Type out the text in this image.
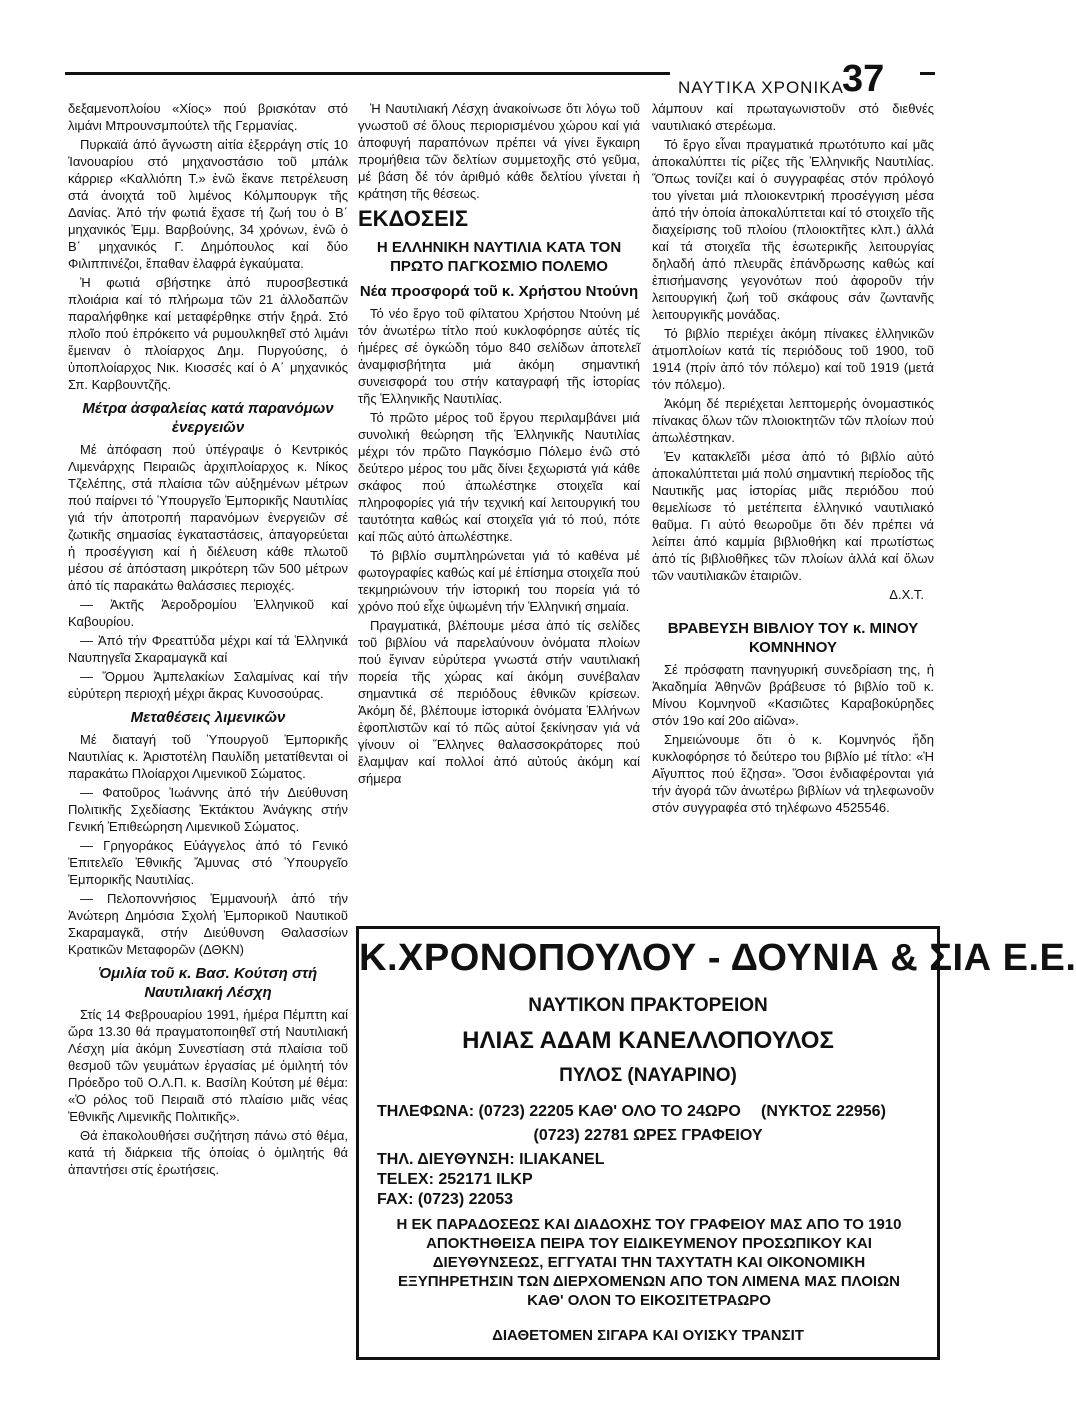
ΝΑΥΤΙΚΑ ΧΡΟΝΙΚΑ
37

δεξαμενοπλοίου «Χίος» πού βρισκόταν στό λιμάνι Μπρουνσμπούτελ τῆς Γερμανίας.

Πυρκαϊά άπό ἄγνωστη αἰτία ἐξερράγη στίς 10 Ἰανουαρίου στό μηχανοστάσιο τοῦ μπάλκ κάρριερ «Καλλιόπη Τ.» ἐνῶ ἔκανε πετρέλευση στά ἀνοιχτά τοῦ λιμένος Κόλμπουργκ τῆς Δανίας. Ἀπό τήν φωτιά ἔχασε τή ζωή του ὁ Β΄ μηχανικός Ἐμμ. Βαρβούνης, 34 χρόνων, ἐνῶ ὁ Β΄ μηχανικός Γ. Δημόπουλος καί δύο Φιλιππινέζοι, ἔπαθαν ἐλαφρά ἐγκαύματα.

Ἡ φωτιά σβήστηκε ἀπό πυροσβεστικά πλοιάρια καί τό πλήρωμα τῶν 21 ἀλλοδαπῶν παραλήφθηκε καί μεταφέρθηκε στήν ξηρά. Στό πλοῖο πού ἐπρόκειτο νά ρυμουλκηθεῖ στό λιμάνι ἔμειναν ὁ πλοίαρχος Δημ. Πυργούσης, ὁ ὑποπλοίαρχος Νικ. Κιοσσές καί ὁ Α΄ μηχανικός Σπ. Καρβουντζῆς.

Μέτρα ἀσφαλείας κατά παρανόμων ἐνεργειῶν

Μέ ἀπόφαση πού ὑπέγραψε ὁ Κεντρικός Λιμενάρχης Πειραιῶς ἀρχιπλοίαρχος κ. Νίκος Τζελέπης, στά πλαίσια τῶν αὐξημένων μέτρων πού παίρνει τό Ὑπουργεῖο Ἐμπορικῆς Ναυτιλίας γιά τήν ἀποτροπή παρανόμων ἐνεργειῶν σέ ζωτικῆς σημασίας ἐγκαταστάσεις, ἀπαγορεύεται ἡ προσέγγιση καί ἡ διέλευση κάθε πλωτοῦ μέσου σέ ἀπόσταση μικρότερη τῶν 500 μέτρων ἀπό τίς παρακάτω θαλάσσιες περιοχές.

— Ἀκτῆς Ἀεροδρομίου Ἑλληνικοῦ καί Καβουρίου.

— Ἀπό τήν Φρεαττύδα μέχρι καί τά Ἑλληνικά Ναυπηγεῖα Σκαραμαγκᾶ καί

— Ὅρμου Ἀμπελακίων Σαλαμίνας καί τήν εὐρύτερη περιοχή μέχρι ἄκρας Κυνοσούρας.

Μεταθέσεις λιμενικῶν

Μέ διαταγή τοῦ Ὑπουργοῦ Ἐμπορικῆς Ναυτιλίας κ. Ἀριστοτέλη Παυλίδη μετατίθενται οἱ παρακάτω Πλοίαρχοι Λιμενικοῦ Σώματος.

— Φατοῦρος Ἰωάννης ἀπό τήν Διεύθυνση Πολιτικῆς Σχεδίασης Ἐκτάκτου Ἀνάγκης στήν Γενική Ἐπιθεώρηση Λιμενικοῦ Σώματος.

— Γρηγοράκος Εὐάγγελος ἀπό τό Γενικό Ἐπιτελεῖο Ἐθνικῆς Ἄμυνας στό Ὑπουργεῖο Ἐμπορικῆς Ναυτιλίας.

— Πελοποννήσιος Ἐμμανουήλ ἀπό τήν Ἀνώτερη Δημόσια Σχολή Ἐμπορικοῦ Ναυτικοῦ Σκαραμαγκᾶ, στήν Διεύθυνση Θαλασσίων Κρατικῶν Μεταφορῶν (ΔΘΚΝ)

Ὁμιλία τοῦ κ. Βασ. Κούτση στή Ναυτιλιακή Λέσχη

Στίς 14 Φεβρουαρίου 1991, ἡμέρα Πέμπτη καί ὥρα 13.30 θά πραγματοποιηθεῖ στή Ναυτιλιακή Λέσχη μία ἀκόμη Συνεστίαση στά πλαίσια τοῦ θεσμοῦ τῶν γευμάτων ἐργασίας μέ ὁμιλητή τόν Πρόεδρο τοῦ Ο.Λ.Π. κ. Βασίλη Κούτση μέ θέμα: «Ὁ ρόλος τοῦ Πειραιᾶ στό πλαίσιο μιᾶς νέας Ἐθνικῆς Λιμενικῆς Πολιτικῆς».

Θά ἐπακολουθήσει συζήτηση πάνω στό θέμα, κατά τή διάρκεια τῆς ὁποίας ὁ ὁμιλητής θά ἀπαντήσει στίς ἐρωτήσεις.

Ἡ Ναυτιλιακή Λέσχη ἀνακοίνωσε ὅτι λόγω τοῦ γνωστοῦ σέ ὅλους περιορισμένου χώρου καί γιά ἀποφυγή παραπόνων πρέπει νά γίνει ἔγκαιρη προμήθεια τῶν δελτίων συμμετοχῆς στό γεῦμα, μέ βάση δέ τόν ἀριθμό κάθε δελτίου γίνεται ἡ κράτηση τῆς θέσεως.

ΕΚΔΟΣΕΙΣ
Η ΕΛΛΗΝΙΚΗ ΝΑΥΤΙΛΙΑ ΚΑΤΑ ΤΟΝ ΠΡΩΤΟ ΠΑΓΚΟΣΜΙΟ ΠΟΛΕΜΟ
Νέα προσφορά τοῦ κ. Χρήστου Ντούνη

Τό νέο ἔργο τοῦ φίλτατου Χρήστου Ντούνη μέ τόν ἀνωτέρω τίτλο πού κυκλοφόρησε αὐτές τίς ἡμέρες σέ ὀγκώδη τόμο 840 σελίδων ἀποτελεῖ ἀναμφισβήτητα μιά ἀκόμη σημαντική συνεισφορά του στήν καταγραφή τῆς ἱστορίας τῆς Ἑλληνικῆς Ναυτιλίας.

Τό πρῶτο μέρος τοῦ ἔργου περιλαμβάνει μιά συνολική θεώρηση τῆς Ἑλληνικῆς Ναυτιλίας μέχρι τόν πρῶτο Παγκόσμιο Πόλεμο ἐνῶ στό δεύτερο μέρος του μᾶς δίνει ξεχωριστά γιά κάθε σκάφος πού ἀπωλέστηκε στοιχεῖα καί πληροφορίες γιά τήν τεχνική καί λειτουργική του ταυτότητα καθώς καί στοιχεῖα γιά τό πού, πότε καί πῶς αὐτό ἀπωλέστηκε.

Τό βιβλίο συμπληρώνεται γιά τό καθένα μέ φωτογραφίες καθώς καί μέ ἐπίσημα στοιχεῖα πού τεκμηριώνουν τήν ἱστορική του πορεία γιά τό χρόνο πού εἶχε ὑψωμένη τήν Ἑλληνική σημαία.

Πραγματικά, βλέπουμε μέσα ἀπό τίς σελίδες τοῦ βιβλίου νά παρελαύνουν ὀνόματα πλοίων πού ἔγιναν εὐρύτερα γνωστά στήν ναυτιλιακή πορεία τῆς χώρας καί ἀκόμη συνέβαλαν σημαντικά σέ περιόδους ἐθνικῶν κρίσεων. Ἀκόμη δέ, βλέπουμε ἱστορικά ὀνόματα Ἑλλήνων ἐφοπλιστῶν καί τό πῶς αὐτοί ξεκίνησαν γιά νά γίνουν οἱ Ἕλληνες θαλασσοκράτορες πού ἔλαμψαν καί πολλοί ἀπό αὐτούς ἀκόμη καί σήμερα

λάμπουν καί πρωταγωνιστοῦν στό διεθνές ναυτιλιακό στερέωμα.

Τό ἔργο εἶναι πραγματικά πρωτότυπο καί μᾶς ἀποκαλύπτει τίς ρίζες τῆς Ἑλληνικῆς Ναυτιλίας. Ὅπως τονίζει καί ὁ συγγραφέας στόν πρόλογό του γίνεται μιά πλοιοκεντρική προσέγγιση μέσα ἀπό τήν ὁποία ἀποκαλύπτεται καί τό στοιχεῖο τῆς διαχείρισης τοῦ πλοίου (πλοιοκτῆτες κλπ.) ἀλλά καί τά στοιχεῖα τῆς ἐσωτερικῆς λειτουργίας δηλαδή ἀπό πλευρᾶς ἐπάνδρωσης καθώς καί ἐπισήμανσης γεγονότων πού ἀφοροῦν τήν λειτουργική ζωή τοῦ σκάφους σάν ζωντανῆς λειτουργικῆς μονάδας.

Τό βιβλίο περιέχει ἀκόμη πίνακες ἑλληνικῶν ἀτμοπλοίων κατά τίς περιόδους τοῦ 1900, τοῦ 1914 (πρίν ἀπό τόν πόλεμο) καί τοῦ 1919 (μετά τόν πόλεμο).

Ἀκόμη δέ περιέχεται λεπτομερής ὀνομαστικός πίνακας ὅλων τῶν πλοιοκτητῶν τῶν πλοίων πού ἀπωλέστηκαν.

Ἐν κατακλεῖδι μέσα ἀπό τό βιβλίο αὐτό ἀποκαλύπτεται μιά πολύ σημαντική περίοδος τῆς Ναυτικῆς μας ἱστορίας μιᾶς περιόδου πού θεμελίωσε τό μετέπειτα ἑλληνικό ναυτιλιακό θαῦμα. Γι αὐτό θεωροῦμε ὅτι δέν πρέπει νά λείπει ἀπό καμμία βιβλιοθήκη καί πρωτίστως ἀπό τίς βιβλιοθῆκες τῶν πλοίων ἀλλά καί ὅλων τῶν ναυτιλιακῶν ἑταιριῶν.

Δ.Χ.Τ.

ΒΡΑΒΕΥΣΗ ΒΙΒΛΙΟΥ ΤΟΥ κ. ΜΙΝΟΥ ΚΟΜΝΗΝΟΥ

Σέ πρόσφατη πανηγυρική συνεδρίαση της, ἡ Ἀκαδημία Ἀθηνῶν βράβευσε τό βιβλίο τοῦ κ. Μίνου Κομνηνοῦ «Κασιῶτες Καραβοκύρηδες στόν 19ο καί 20ο αἰῶνα».

Σημειώνουμε ὅτι ὁ κ. Κομνηνός ἤδη κυκλοφόρησε τό δεύτερο του βιβλίο μέ τίτλο: «Ἡ Αἴγυπτος πού ἔζησα». Ὅσοι ἐνδιαφέρονται γιά τήν ἀγορά τῶν ἀνωτέρω βιβλίων νά τηλεφωνοῦν στόν συγγραφέα στό τηλέφωνο 4525546.

Κ.ΧΡΟΝΟΠΟΥΛΟΥ - ΔΟΥΝΙΑ & ΣΙΑ Ε.Ε.
ΝΑΥΤΙΚΟΝ ΠΡΑΚΤΟΡΕΙΟΝ
ΗΛΙΑΣ ΑΔΑΜ ΚΑΝΕΛΛΟΠΟΥΛΟΣ
ΠΥΛΟΣ (ΝΑΥΑΡΙΝΟ)
ΤΗΛΕΦΩΝΑ: (0723) 22205 ΚΑΘ' ΟΛΟ ΤΟ 24ΩΡΟ (ΝΥΚΤΟΣ 22956)
(0723) 22781 ΩΡΕΣ ΓΡΑΦΕΙΟΥ
ΤΗΛ. ΔΙΕΥΘΥΝΣΗ: ILIAKANEL
TELEX: 252171 ILKP
FAX: (0723) 22053
Η ΕΚ ΠΑΡΑΔΟΣΕΩΣ ΚΑΙ ΔΙΑΔΟΧΗΣ ΤΟΥ ΓΡΑΦΕΙΟΥ ΜΑΣ ΑΠΟ ΤΟ 1910 ΑΠΟΚΤΗΘΕΙΣΑ ΠΕΙΡΑ ΤΟΥ ΕΙΔΙΚΕΥΜΕΝΟΥ ΠΡΟΣΩΠΙΚΟΥ ΚΑΙ ΔΙΕΥΘΥΝΣΕΩΣ, ΕΓΓΥΑΤΑΙ ΤΗΝ ΤΑΧΥΤΑΤΗ ΚΑΙ ΟΙΚΟΝΟΜΙΚΗ ΕΞΥΠΗΡΕΤΗΣΙΝ ΤΩΝ ΔΙΕΡΧΟΜΕΝΩΝ ΑΠΟ ΤΟΝ ΛΙΜΕΝΑ ΜΑΣ ΠΛΟΙΩΝ ΚΑΘ' ΟΛΟΝ ΤΟ ΕΙΚΟΣΙΤΕΤΡΑΩΡΟ
ΔΙΑΘΕΤΟΜΕΝ ΣΙΓΑΡΑ ΚΑΙ ΟΥΙΣΚΥ ΤΡΑΝΣΙΤ
